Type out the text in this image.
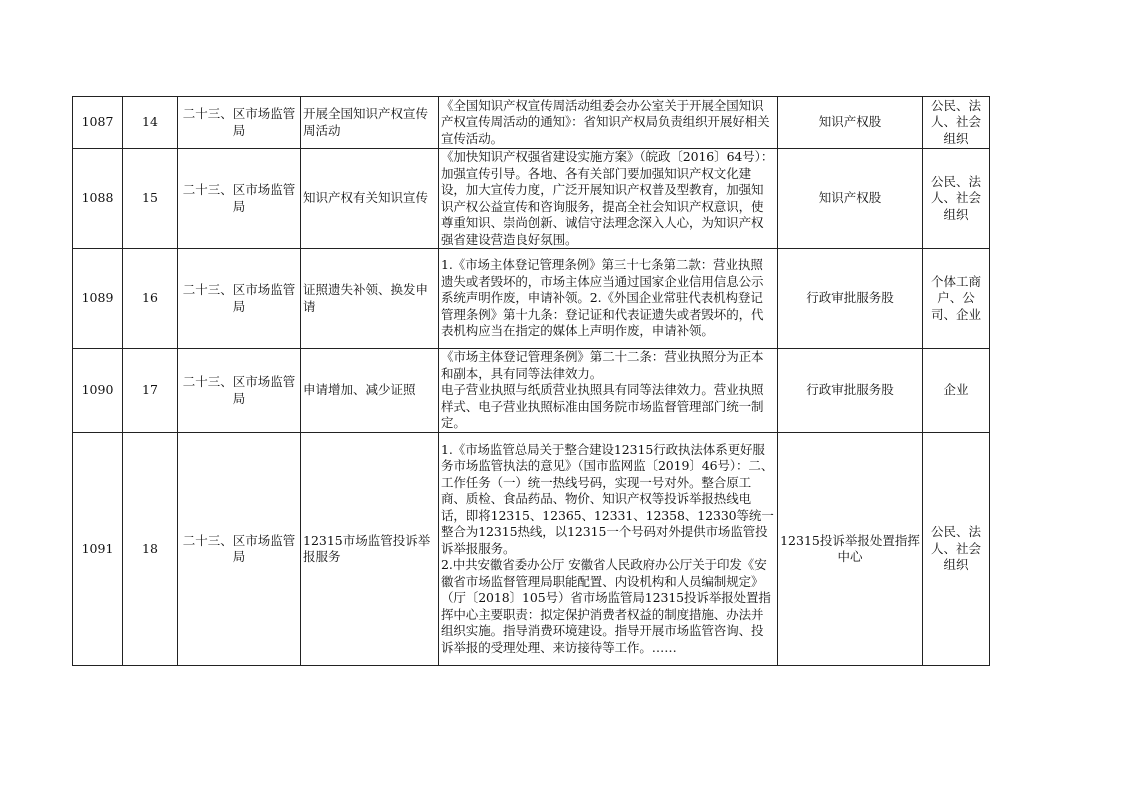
1087	14	二十三、区市场监管局	开展全国知识产权宣传周活动	《全国知识产权宣传周活动组委会办公室关于开展全国知识产权宣传周活动的通知》：省知识产权局负责组织开展好相关宣传活动。	知识产权股	公民、法人、社会组织
1088	15	二十三、区市场监管局	知识产权有关知识宣传	《加快知识产权强省建设实施方案》（皖政〔2016〕64号）：加强宣传引导。各地、各有关部门要加强知识产权文化建设，加大宣传力度，广泛开展知识产权普及型教育，加强知识产权公益宣传和咨询服务，提高全社会知识产权意识，使尊重知识、崇尚创新、诚信守法理念深入人心，为知识产权强省建设营造良好氛围。	知识产权股	公民、法人、社会组织
1089	16	二十三、区市场监管局	证照遗失补领、换发申请	1.《市场主体登记管理条例》第三十七条第二款：营业执照遗失或者毁坏的，市场主体应当通过国家企业信用信息公示系统声明作废，申请补领。2.《外国企业常驻代表机构登记管理条例》第十九条：登记证和代表证遗失或者毁坏的，代表机构应当在指定的媒体上声明作废，申请补领。	行政审批服务股	个体工商户、公司、企业
1090	17	二十三、区市场监管局	申请增加、减少证照	《市场主体登记管理条例》第二十二条：营业执照分为正本和副本，具有同等法律效力。
电子营业执照与纸质营业执照具有同等法律效力。营业执照样式、电子营业执照标准由国务院市场监督管理部门统一制定。	行政审批服务股	企业
1091	18	二十三、区市场监管局	12315市场监管投诉举报服务	1.《市场监管总局关于整合建设12315行政执法体系更好服务市场监管执法的意见》（国市监网监〔2019〕46号）：二、工作任务（一）统一热线号码，实现一号对外。整合原工商、质检、食品药品、物价、知识产权等投诉举报热线电话，即将12315、12365、12331、12358、12330等统一整合为12315热线，以12315一个号码对外提供市场监管投诉举报服务。
2.中共安徽省委办公厅 安徽省人民政府办公厅关于印发《安徽省市场监督管理局职能配置、内设机构和人员编制规定》（厅〔2018〕105号）省市场监管局12315投诉举报处置指挥中心主要职责：拟定保护消费者权益的制度措施、办法并组织实施。指导消费环境建设。指导开展市场监管咨询、投诉举报的受理处理、来访接待等工作。……	12315投诉举报处置指挥中心	公民、法人、社会组织
